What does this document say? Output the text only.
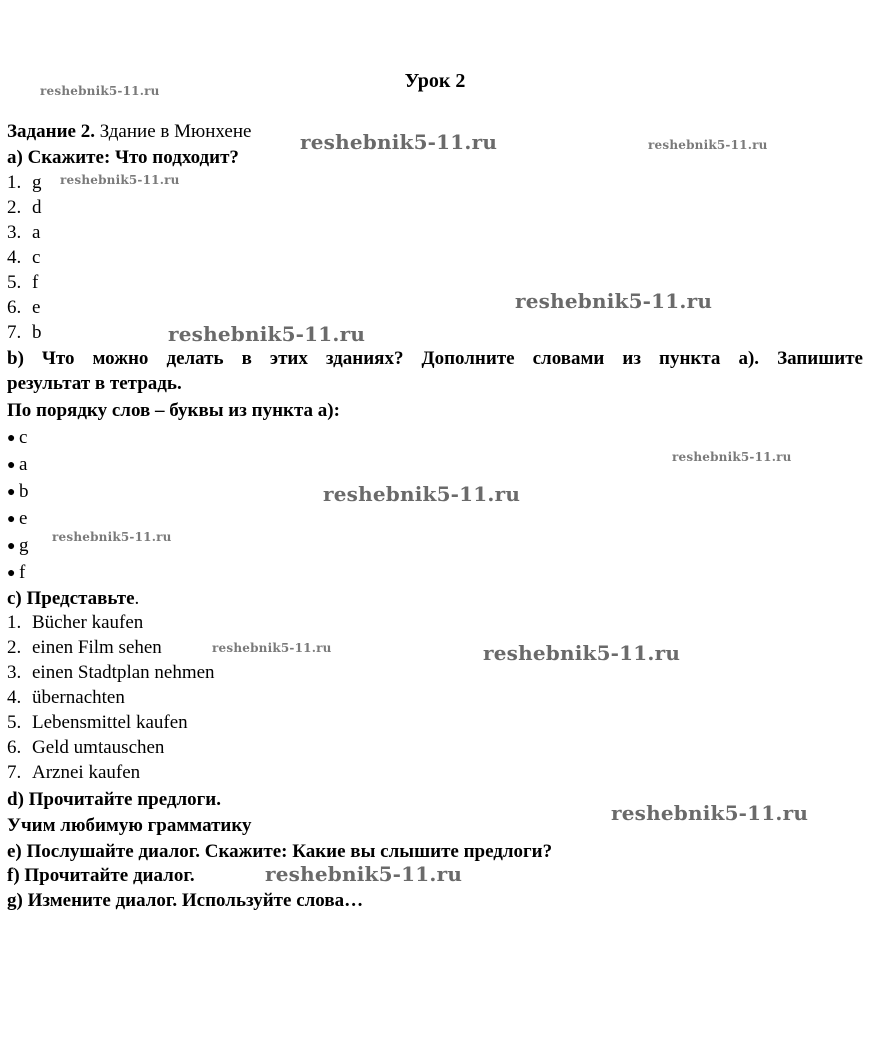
Урок 2
Задание 2. Здание в Мюнхене
a) Скажите: Что подходит?
1. g
2. d
3. a
4. c
5. f
6. e
7. b
b) Что можно делать в этих зданиях? Дополните словами из пункта а). Запишите
результат в тетрадь.
По порядку слов – буквы из пункта а):
● c
● a
● b
● e
● g
● f
c) Представьте.
1. Bücher kaufen
2. einen Film sehen
3. einen Stadtplan nehmen
4. übernachten
5. Lebensmittel kaufen
6. Geld umtauschen
7. Arznei kaufen
d) Прочитайте предлоги.
Учим любимую грамматику
e) Послушайте диалог. Скажите: Какие вы слышите предлоги?
f) Прочитайте диалог.
g) Измените диалог. Используйте слова…
reshebnik5-11.ru
reshebnik5-11.ru	reshebnik5-11.ru
reshebnik5-11.ru
reshebnik5-11.ru
reshebnik5-11.ru
reshebnik5-11.ru
reshebnik5-11.ru
reshebnik5-11.ru
reshebnik5-11.ru	reshebnik5-11.ru
reshebnik5-11.ru
reshebnik5-11.ru
